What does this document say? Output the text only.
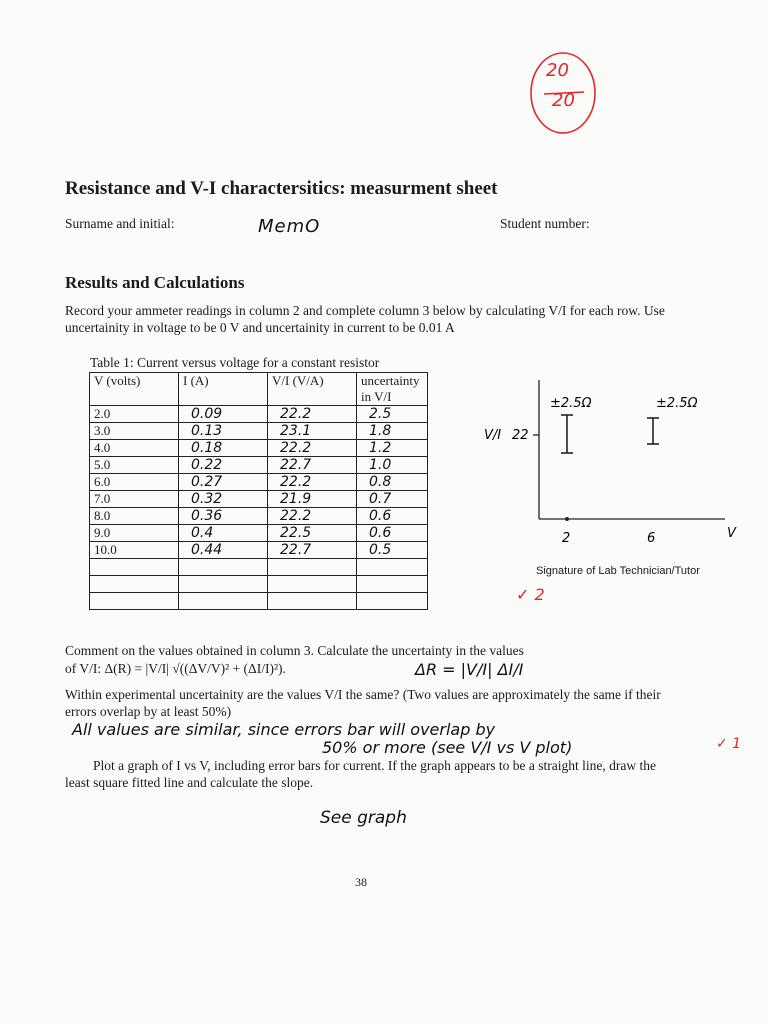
20
20
Resistance and V-I charactersitics: measurment sheet
Surname and initial:	MemO	Student number:
Results and Calculations
Record your ammeter readings in column 2 and complete column 3 below by calculating V/I for each row. Use uncertainity in voltage to be 0 V and uncertainity in current to be 0.01 A
Table 1: Current versus voltage for a constant resistor
V (volts)	I (A)	V/I (V/A)	uncertainty in V/I
2.0	0.09	22.2	2.5
3.0	0.13	23.1	1.8
4.0	0.18	22.2	1.2
5.0	0.22	22.7	1.0
6.0	0.27	22.2	0.8
7.0	0.32	21.9	0.7
8.0	0.36	22.2	0.6
9.0	0.4	22.5	0.6
10.0	0.44	22.7	0.5

±2.5Ω	±2.5Ω
V/I 22
2	6	V
Signature of Lab Technician/Tutor
✓ 2
Comment on the values obtained in column 3. Calculate the uncertainty in the values
of V/I: Δ(R) = |V/I| √((ΔV/V)² + (ΔI/I)²).	ΔR = |V/I| ΔI/I
Within experimental uncertainity are the values V/I the same? (Two values are approximately the same if their errors overlap by at least 50%)
All values are similar, since errors bar will overlap by
50% or more (see V/I vs V plot)	✓ 1
Plot a graph of I vs V, including error bars for current. If the graph appears to be a straight line, draw the least square fitted line and calculate the slope.
See graph
38
